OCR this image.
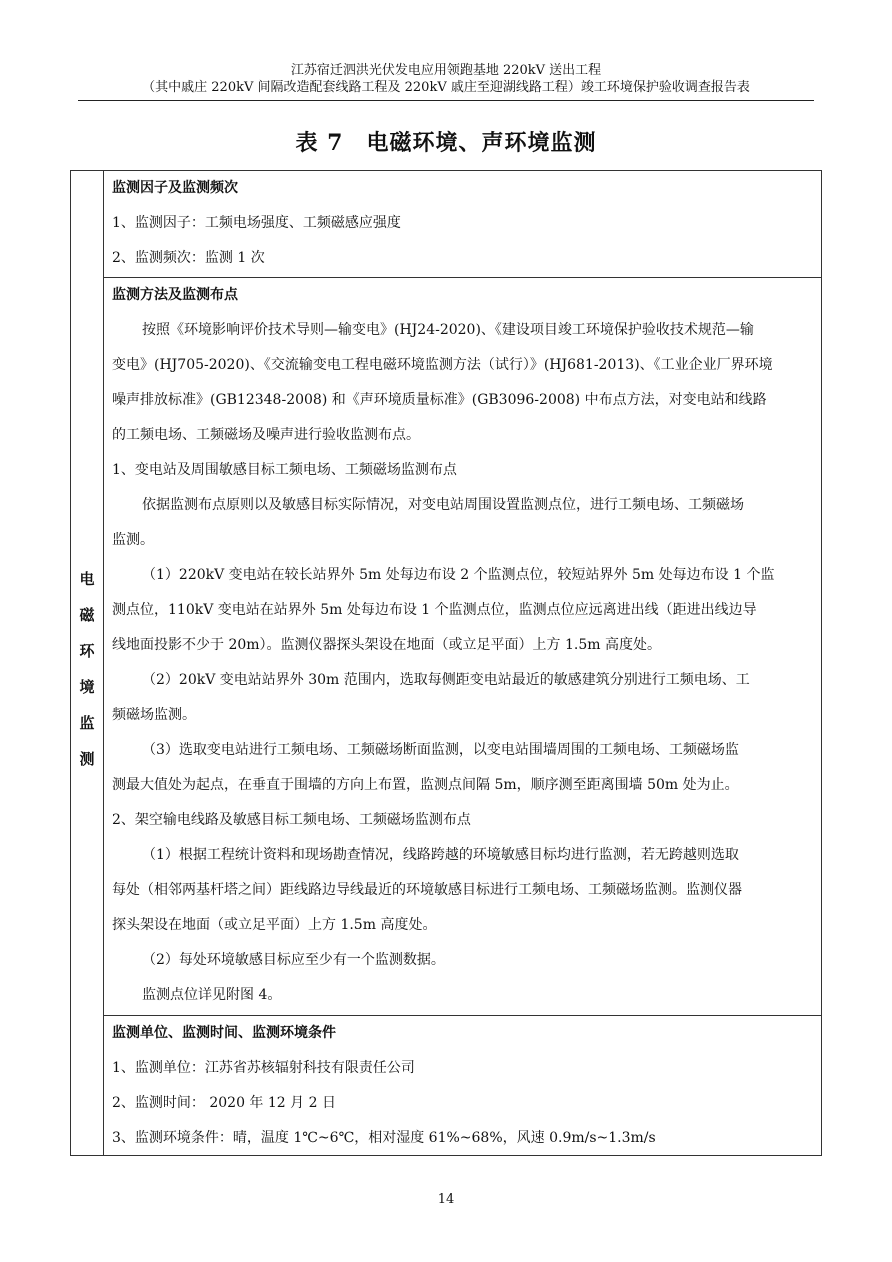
江苏宿迁泗洪光伏发电应用领跑基地 220kV 送出工程
（其中戚庄 220kV 间隔改造配套线路工程及 220kV 戚庄至迎湖线路工程）竣工环境保护验收调查报告表
表 7　电磁环境、声环境监测
电
磁
环
境
监
测
监测因子及监测频次
1、监测因子：工频电场强度、工频磁感应强度
2、监测频次：监测 1 次
监测方法及监测布点
按照《环境影响评价技术导则—输变电》(HJ24-2020)、《建设项目竣工环境保护验收技术规范—输
变电》(HJ705-2020)、《交流输变电工程电磁环境监测方法（试行）》(HJ681-2013)、《工业企业厂界环境
噪声排放标准》(GB12348-2008) 和《声环境质量标准》(GB3096-2008) 中布点方法，对变电站和线路
的工频电场、工频磁场及噪声进行验收监测布点。
1、变电站及周围敏感目标工频电场、工频磁场监测布点
依据监测布点原则以及敏感目标实际情况，对变电站周围设置监测点位，进行工频电场、工频磁场
监测。
（1）220kV 变电站在较长站界外 5m 处每边布设 2 个监测点位，较短站界外 5m 处每边布设 1 个监
测点位，110kV 变电站在站界外 5m 处每边布设 1 个监测点位，监测点位应远离进出线（距进出线边导
线地面投影不少于 20m）。监测仪器探头架设在地面（或立足平面）上方 1.5m 高度处。
（2）20kV 变电站站界外 30m 范围内，选取每侧距变电站最近的敏感建筑分别进行工频电场、工
频磁场监测。
（3）选取变电站进行工频电场、工频磁场断面监测，以变电站围墙周围的工频电场、工频磁场监
测最大值处为起点，在垂直于围墙的方向上布置，监测点间隔 5m，顺序测至距离围墙 50m 处为止。
2、架空输电线路及敏感目标工频电场、工频磁场监测布点
（1）根据工程统计资料和现场勘查情况，线路跨越的环境敏感目标均进行监测，若无跨越则选取
每处（相邻两基杆塔之间）距线路边导线最近的环境敏感目标进行工频电场、工频磁场监测。监测仪器
探头架设在地面（或立足平面）上方 1.5m 高度处。
（2）每处环境敏感目标应至少有一个监测数据。
监测点位详见附图 4。
监测单位、监测时间、监测环境条件
1、监测单位：江苏省苏核辐射科技有限责任公司
2、监测时间： 2020 年 12 月 2 日
3、监测环境条件：晴，温度 1℃~6℃，相对湿度 61%~68%，风速 0.9m/s~1.3m/s
14
